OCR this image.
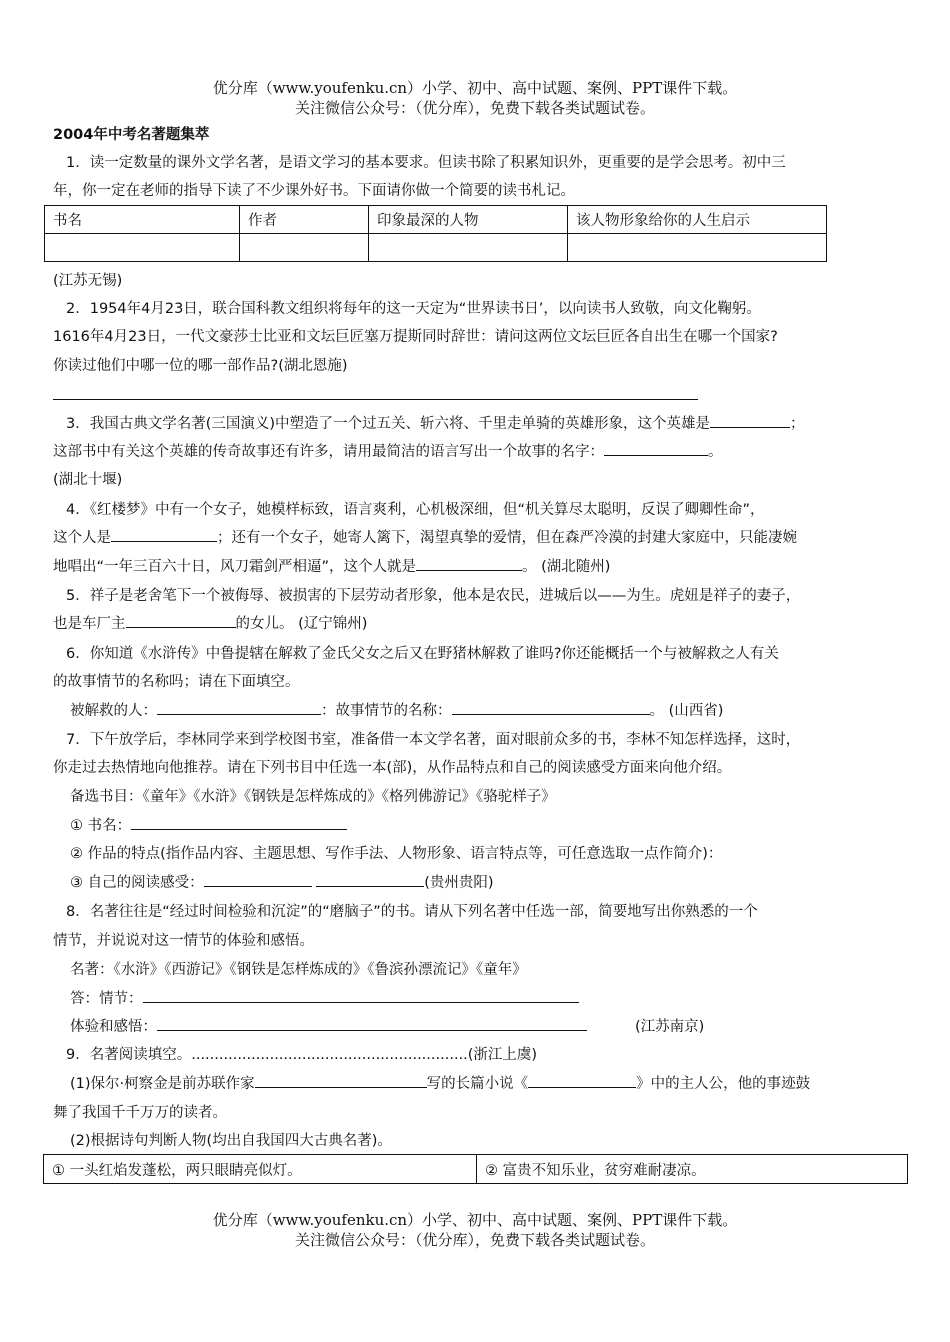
优分库（www.youfenku.cn）小学、初中、高中试题、案例、PPT课件下载。
关注微信公众号：（优分库），免费下载各类试题试卷。
2004年中考名著题集萃
1．读一定数量的课外文学名著，是语文学习的基本要求。但读书除了积累知识外，更重要的是学会思考。初中三
年，你一定在老师的指导下读了不少课外好书。下面请你做一个简要的读书札记。
书名	作者	印象最深的人物	该人物形象给你的人生启示

(江苏无锡)
2．1954年4月23日，联合国科教文组织将每年的这一天定为“世界读书日’，以向读书人致敬，向文化鞠躬。
1616年4月23日，一代文豪莎士比亚和文坛巨匠塞万提斯同时辞世：请问这两位文坛巨匠各自出生在哪一个国家?
你读过他们中哪一位的哪一部作品?(湖北恩施)
3．我国古典文学名著(三国演义)中塑造了一个过五关、斩六将、千里走单骑的英雄形象，这个英雄是	；
这部书中有关这个英雄的传奇故事还有许多，请用最简洁的语言写出一个故事的名字：	。
(湖北十堰)
4．《红楼梦》中有一个女子，她模样标致，语言爽利，心机极深细，但“机关算尽太聪明，反误了卿卿性命”，
这个人是	；还有一个女子，她寄人篱下，渴望真挚的爱情，但在森严冷漠的封建大家庭中，只能凄婉
地唱出“一年三百六十日，风刀霜剑严相逼”，这个人就是	。 (湖北随州)
5．祥子是老舍笔下一个被侮辱、被损害的下层劳动者形象，他本是农民，进城后以——为生。虎妞是祥子的妻子，
也是车厂主	的女儿。 (辽宁锦州)
6．你知道《水浒传》中鲁提辖在解救了金氏父女之后又在野猪林解救了谁吗?你还能概括一个与被解救之人有关
的故事情节的名称吗；请在下面填空。
被解救的人：	：故事情节的名称：	。 (山西省)
7．下午放学后，李林同学来到学校图书室，准备借一本文学名著，面对眼前众多的书，李林不知怎样选择，这时，
你走过去热情地向他推荐。请在下列书目中任选一本(部)，从作品特点和自己的阅读感受方面来向他介绍。
备选书目：《童年》《水浒》《钢铁是怎样炼成的》《格列佛游记》《骆驼样子》
① 书名：
② 作品的特点(指作品内容、主题思想、写作手法、人物形象、语言特点等，可任意选取一点作简介)：
③ 自己的阅读感受：	(贵州贵阳)
8．名著往往是“经过时间检验和沉淀”的“磨脑子”的书。请从下列名著中任选一部，简要地写出你熟悉的一个
情节，并说说对这一情节的体验和感悟。
名著：《水浒》《西游记》《钢铁是怎样炼成的》《鲁滨孙漂流记》《童年》
答：情节：
体验和感悟：	(江苏南京)
9．名著阅读填空。............................................................(浙江上虞)
(1)保尔·柯察金是前苏联作家	写的长篇小说《	》中的主人公，他的事迹鼓
舞了我国千千万万的读者。
(2)根据诗句判断人物(均出自我国四大古典名著)。
① 一头红焰发蓬松，两只眼睛亮似灯。	② 富贵不知乐业，贫穷难耐凄凉。
优分库（www.youfenku.cn）小学、初中、高中试题、案例、PPT课件下载。
关注微信公众号：（优分库），免费下载各类试题试卷。
